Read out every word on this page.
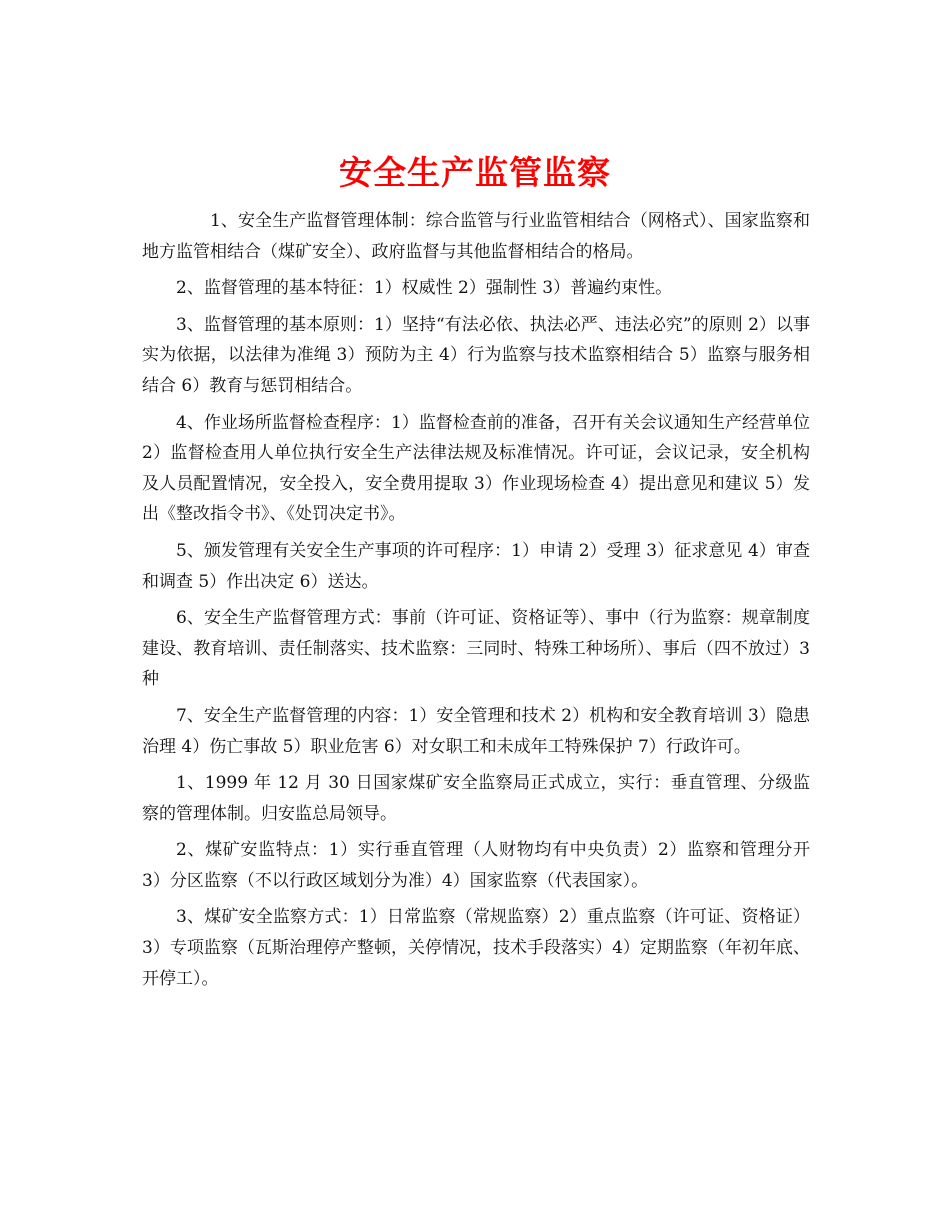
安全生产监管监察

1、安全生产监督管理体制：综合监管与行业监管相结合（网格式）、国家监察和地方监管相结合（煤矿安全）、政府监督与其他监督相结合的格局。

2、监督管理的基本特征：1）权威性 2）强制性 3）普遍约束性。

3、监督管理的基本原则：1）坚持“有法必依、执法必严、违法必究”的原则 2）以事实为依据，以法律为准绳 3）预防为主 4）行为监察与技术监察相结合 5）监察与服务相结合 6）教育与惩罚相结合。

4、作业场所监督检查程序：1）监督检查前的准备，召开有关会议通知生产经营单位 2）监督检查用人单位执行安全生产法律法规及标准情况。许可证，会议记录，安全机构及人员配置情况，安全投入，安全费用提取 3）作业现场检查 4）提出意见和建议 5）发出《整改指令书》、《处罚决定书》。

5、颁发管理有关安全生产事项的许可程序：1）申请 2）受理 3）征求意见 4）审查和调查 5）作出决定 6）送达。

6、安全生产监督管理方式：事前（许可证、资格证等）、事中（行为监察：规章制度建设、教育培训、责任制落实、技术监察：三同时、特殊工种场所）、事后（四不放过）3 种

7、安全生产监督管理的内容：1）安全管理和技术 2）机构和安全教育培训 3）隐患治理 4）伤亡事故 5）职业危害 6）对女职工和未成年工特殊保护 7）行政许可。

1、1999 年 12 月 30 日国家煤矿安全监察局正式成立，实行：垂直管理、分级监察的管理体制。归安监总局领导。

2、煤矿安监特点：1）实行垂直管理（人财物均有中央负责）2）监察和管理分开 3）分区监察（不以行政区域划分为准）4）国家监察（代表国家）。

3、煤矿安全监察方式：1）日常监察（常规监察）2）重点监察（许可证、资格证）3）专项监察（瓦斯治理停产整顿，关停情况，技术手段落实）4）定期监察（年初年底、开停工）。
